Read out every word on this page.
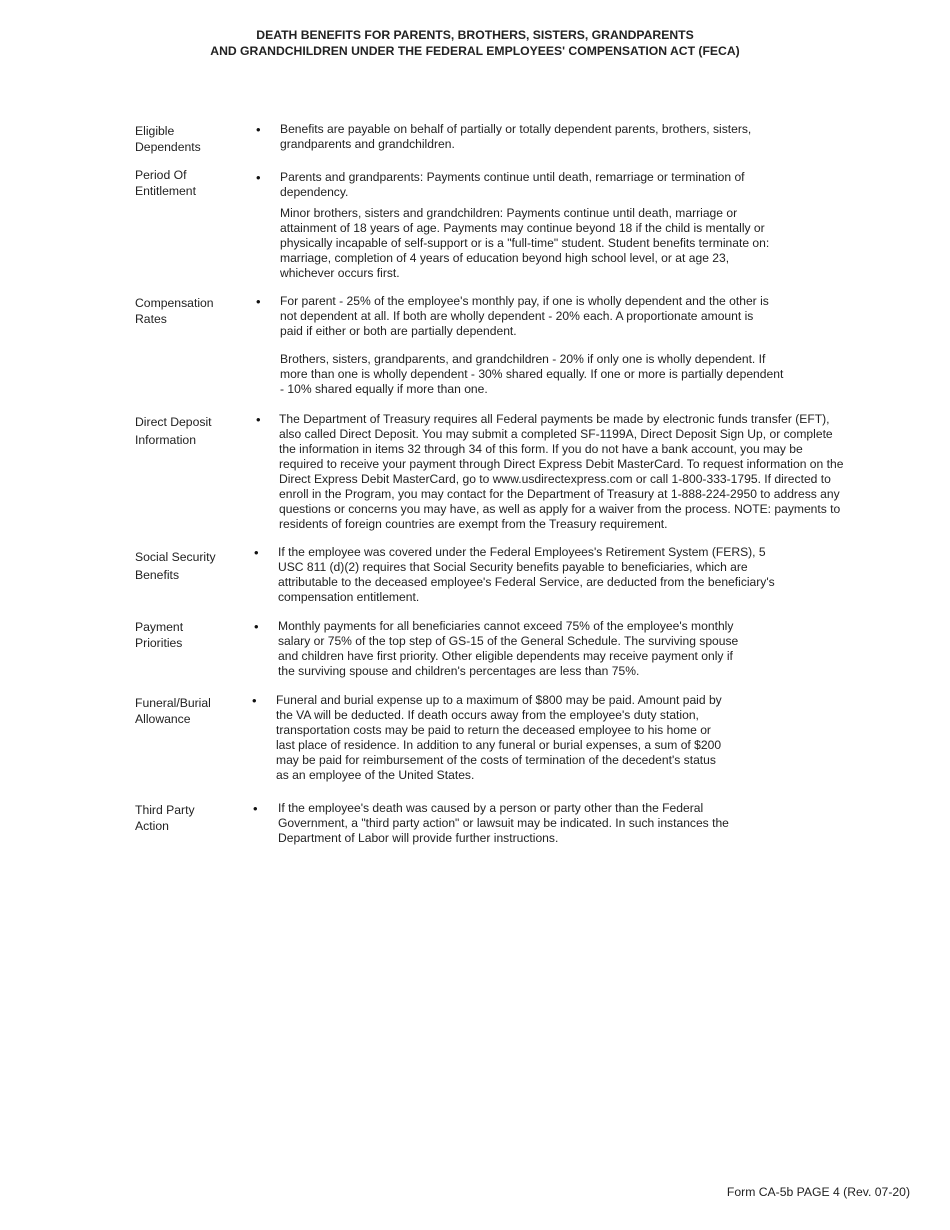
DEATH BENEFITS FOR PARENTS, BROTHERS, SISTERS, GRANDPARENTS
AND GRANDCHILDREN UNDER THE FEDERAL EMPLOYEES' COMPENSATION ACT (FECA)
Eligible
Dependents
• Benefits are payable on behalf of partially or totally dependent parents, brothers, sisters,

grandparents and grandchildren.

Period Of
Entitlement
• Parents and grandparents: Payments continue until death, remarriage or termination of

dependency.

Minor brothers, sisters and grandchildren: Payments continue until death, marriage or

attainment of 18 years of age. Payments may continue beyond 18 if the child is mentally or

physically incapable of self-support or is a "full-time" student. Student benefits terminate on:

marriage, completion of 4 years of education beyond high school level, or at age 23,

whichever occurs first.

Compensation
Rates
• For parent - 25% of the employee's monthly pay, if one is wholly dependent and the other is

not dependent at all. If both are wholly dependent - 20% each. A proportionate amount is

paid if either or both are partially dependent.

Brothers, sisters, grandparents, and grandchildren - 20% if only one is wholly dependent. If

more than one is wholly dependent - 30% shared equally. If one or more is partially dependent

- 10% shared equally if more than one.

Direct Deposit
Information
• The Department of Treasury requires all Federal payments be made by electronic funds transfer (EFT),

also called Direct Deposit. You may submit a completed SF-1199A, Direct Deposit Sign Up, or complete

the information in items 32 through 34 of this form. If you do not have a bank account, you may be

required to receive your payment through Direct Express Debit MasterCard. To request information on the

Direct Express Debit MasterCard, go to www.usdirectexpress.com or call 1-800-333-1795. If directed to

enroll in the Program, you may contact for the Department of Treasury at 1-888-224-2950 to address any

questions or concerns you may have, as well as apply for a waiver from the process. NOTE: payments to

residents of foreign countries are exempt from the Treasury requirement.

Social Security
Benefits
• If the employee was covered under the Federal Employees's Retirement System (FERS), 5

USC 811 (d)(2) requires that Social Security benefits payable to beneficiaries, which are

attributable to the deceased employee's Federal Service, are deducted from the beneficiary's

compensation entitlement.

Payment
Priorities
• Monthly payments for all beneficiaries cannot exceed 75% of the employee's monthly

salary or 75% of the top step of GS-15 of the General Schedule. The surviving spouse

and children have first priority. Other eligible dependents may receive payment only if

the surviving spouse and children's percentages are less than 75%.

Funeral/Burial
Allowance
• Funeral and burial expense up to a maximum of $800 may be paid. Amount paid by

the VA will be deducted. If death occurs away from the employee's duty station,

transportation costs may be paid to return the deceased employee to his home or

last place of residence. In addition to any funeral or burial expenses, a sum of $200

may be paid for reimbursement of the costs of termination of the decedent's status

as an employee of the United States.

Third Party
Action
• If the employee's death was caused by a person or party other than the Federal

Government, a "third party action" or lawsuit may be indicated. In such instances the

Department of Labor will provide further instructions.

Form CA-5b PAGE 4 (Rev. 07-20)
